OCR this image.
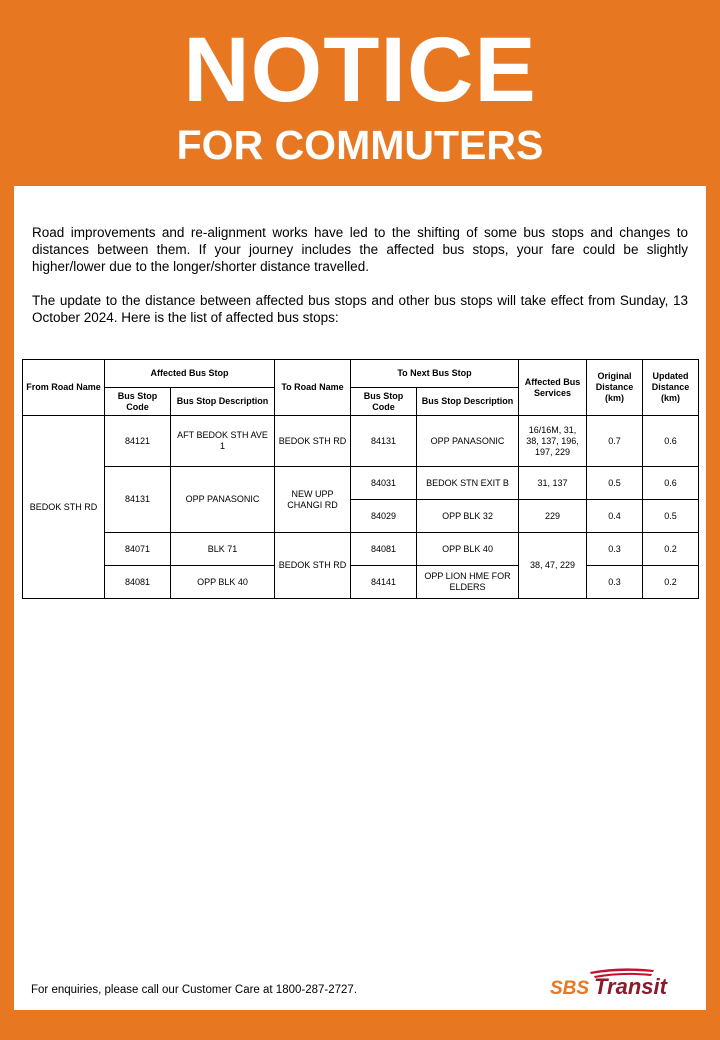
NOTICE
FOR COMMUTERS

Road improvements and re-alignment works have led to the shifting of some bus stops and changes to distances between them. If your journey includes the affected bus stops, your fare could be slightly higher/lower due to the longer/shorter distance travelled.

The update to the distance between affected bus stops and other bus stops will take effect from Sunday, 13 October 2024. Here is the list of affected bus stops:

From Road Name	Affected Bus Stop		To Road Name	To Next Bus Stop		Affected Bus Services	Original Distance (km)	Updated Distance (km)
	Bus Stop Code	Bus Stop Description		Bus Stop Code	Bus Stop Description			
BEDOK STH RD	84121	AFT BEDOK STH AVE 1	BEDOK STH RD	84131	OPP PANASONIC	16/16M, 31, 38, 137, 196, 197, 229	0.7	0.6
	84131	OPP PANASONIC	NEW UPP CHANGI RD	84031	BEDOK STN EXIT B	31, 137	0.5	0.6
				84029	OPP BLK 32	229	0.4	0.5
	84071	BLK 71	BEDOK STH RD	84081	OPP BLK 40	38, 47, 229	0.3	0.2
	84081	OPP BLK 40		84141	OPP LION HME FOR ELDERS		0.3	0.2
For enquiries, please call our Customer Care at 1800-287-2727.	SBS Transit
